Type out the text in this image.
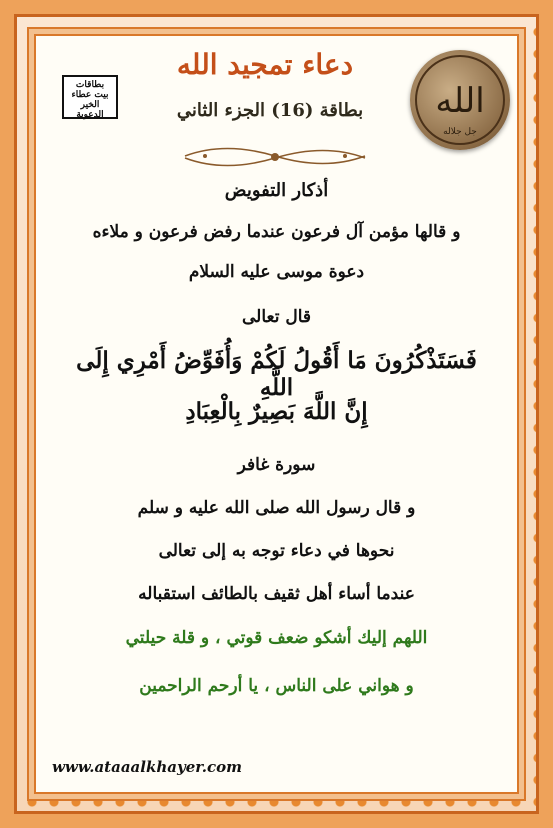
بطاقات
بيت عطاء الخير
الدعوية
دعاء تمجيد الله
بطاقة (16) الجزء الثاني الله
جل جلاله
أذكار التفويض
و قالها مؤمن آل فرعون عندما رفض فرعون و ملاءه
دعوة موسى عليه السلام
قال تعالى
فَسَتَذْكُرُونَ مَا أَقُولُ لَكُمْ وَأُفَوِّضُ أَمْرِي إِلَى اللَّهِ
إِنَّ اللَّهَ بَصِيرٌ بِالْعِبَادِ
سورة غافر
و قال رسول الله صلى الله عليه و سلم
نحوها في دعاء توجه به إلى تعالى
عندما أساء أهل ثقيف بالطائف استقباله
اللهم إليك أشكو ضعف قوتي ، و قلة حيلتي
و هواني على الناس ، يا أرحم الراحمين
www.ataaalkhayer.com
